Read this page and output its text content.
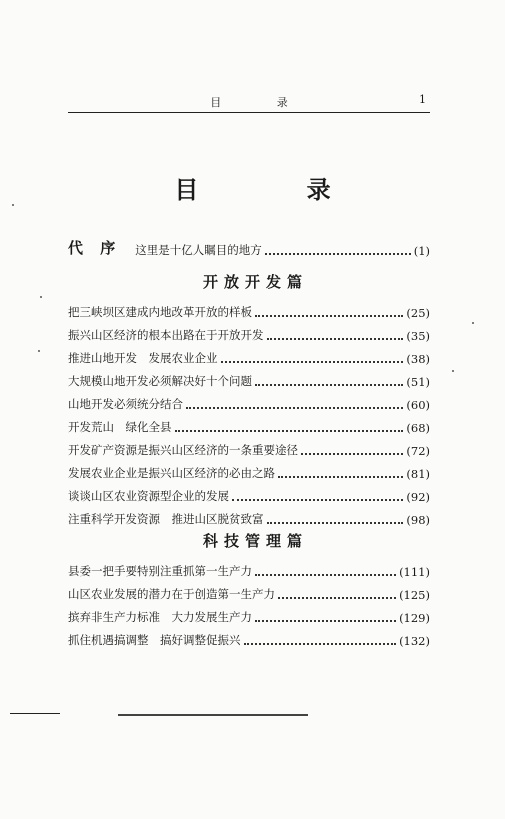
目 录	1
目 录
代 序 这里是十亿人瞩目的地方	(1)
开放开发篇
把三峡坝区建成内地改革开放的样板	(25)
振兴山区经济的根本出路在于开放开发	(35)
推进山地开发　发展农业企业	(38)
大规模山地开发必须解决好十个问题	(51)
山地开发必须统分结合	(60)
开发荒山　绿化全县	(68)
开发矿产资源是振兴山区经济的一条重要途径	(72)
发展农业企业是振兴山区经济的必由之路	(81)
谈谈山区农业资源型企业的发展	(92)
注重科学开发资源　推进山区脱贫致富	(98)
科技管理篇
县委一把手要特别注重抓第一生产力	(111)
山区农业发展的潜力在于创造第一生产力	(125)
摈弃非生产力标准　大力发展生产力	(129)
抓住机遇搞调整　搞好调整促振兴	(132)
